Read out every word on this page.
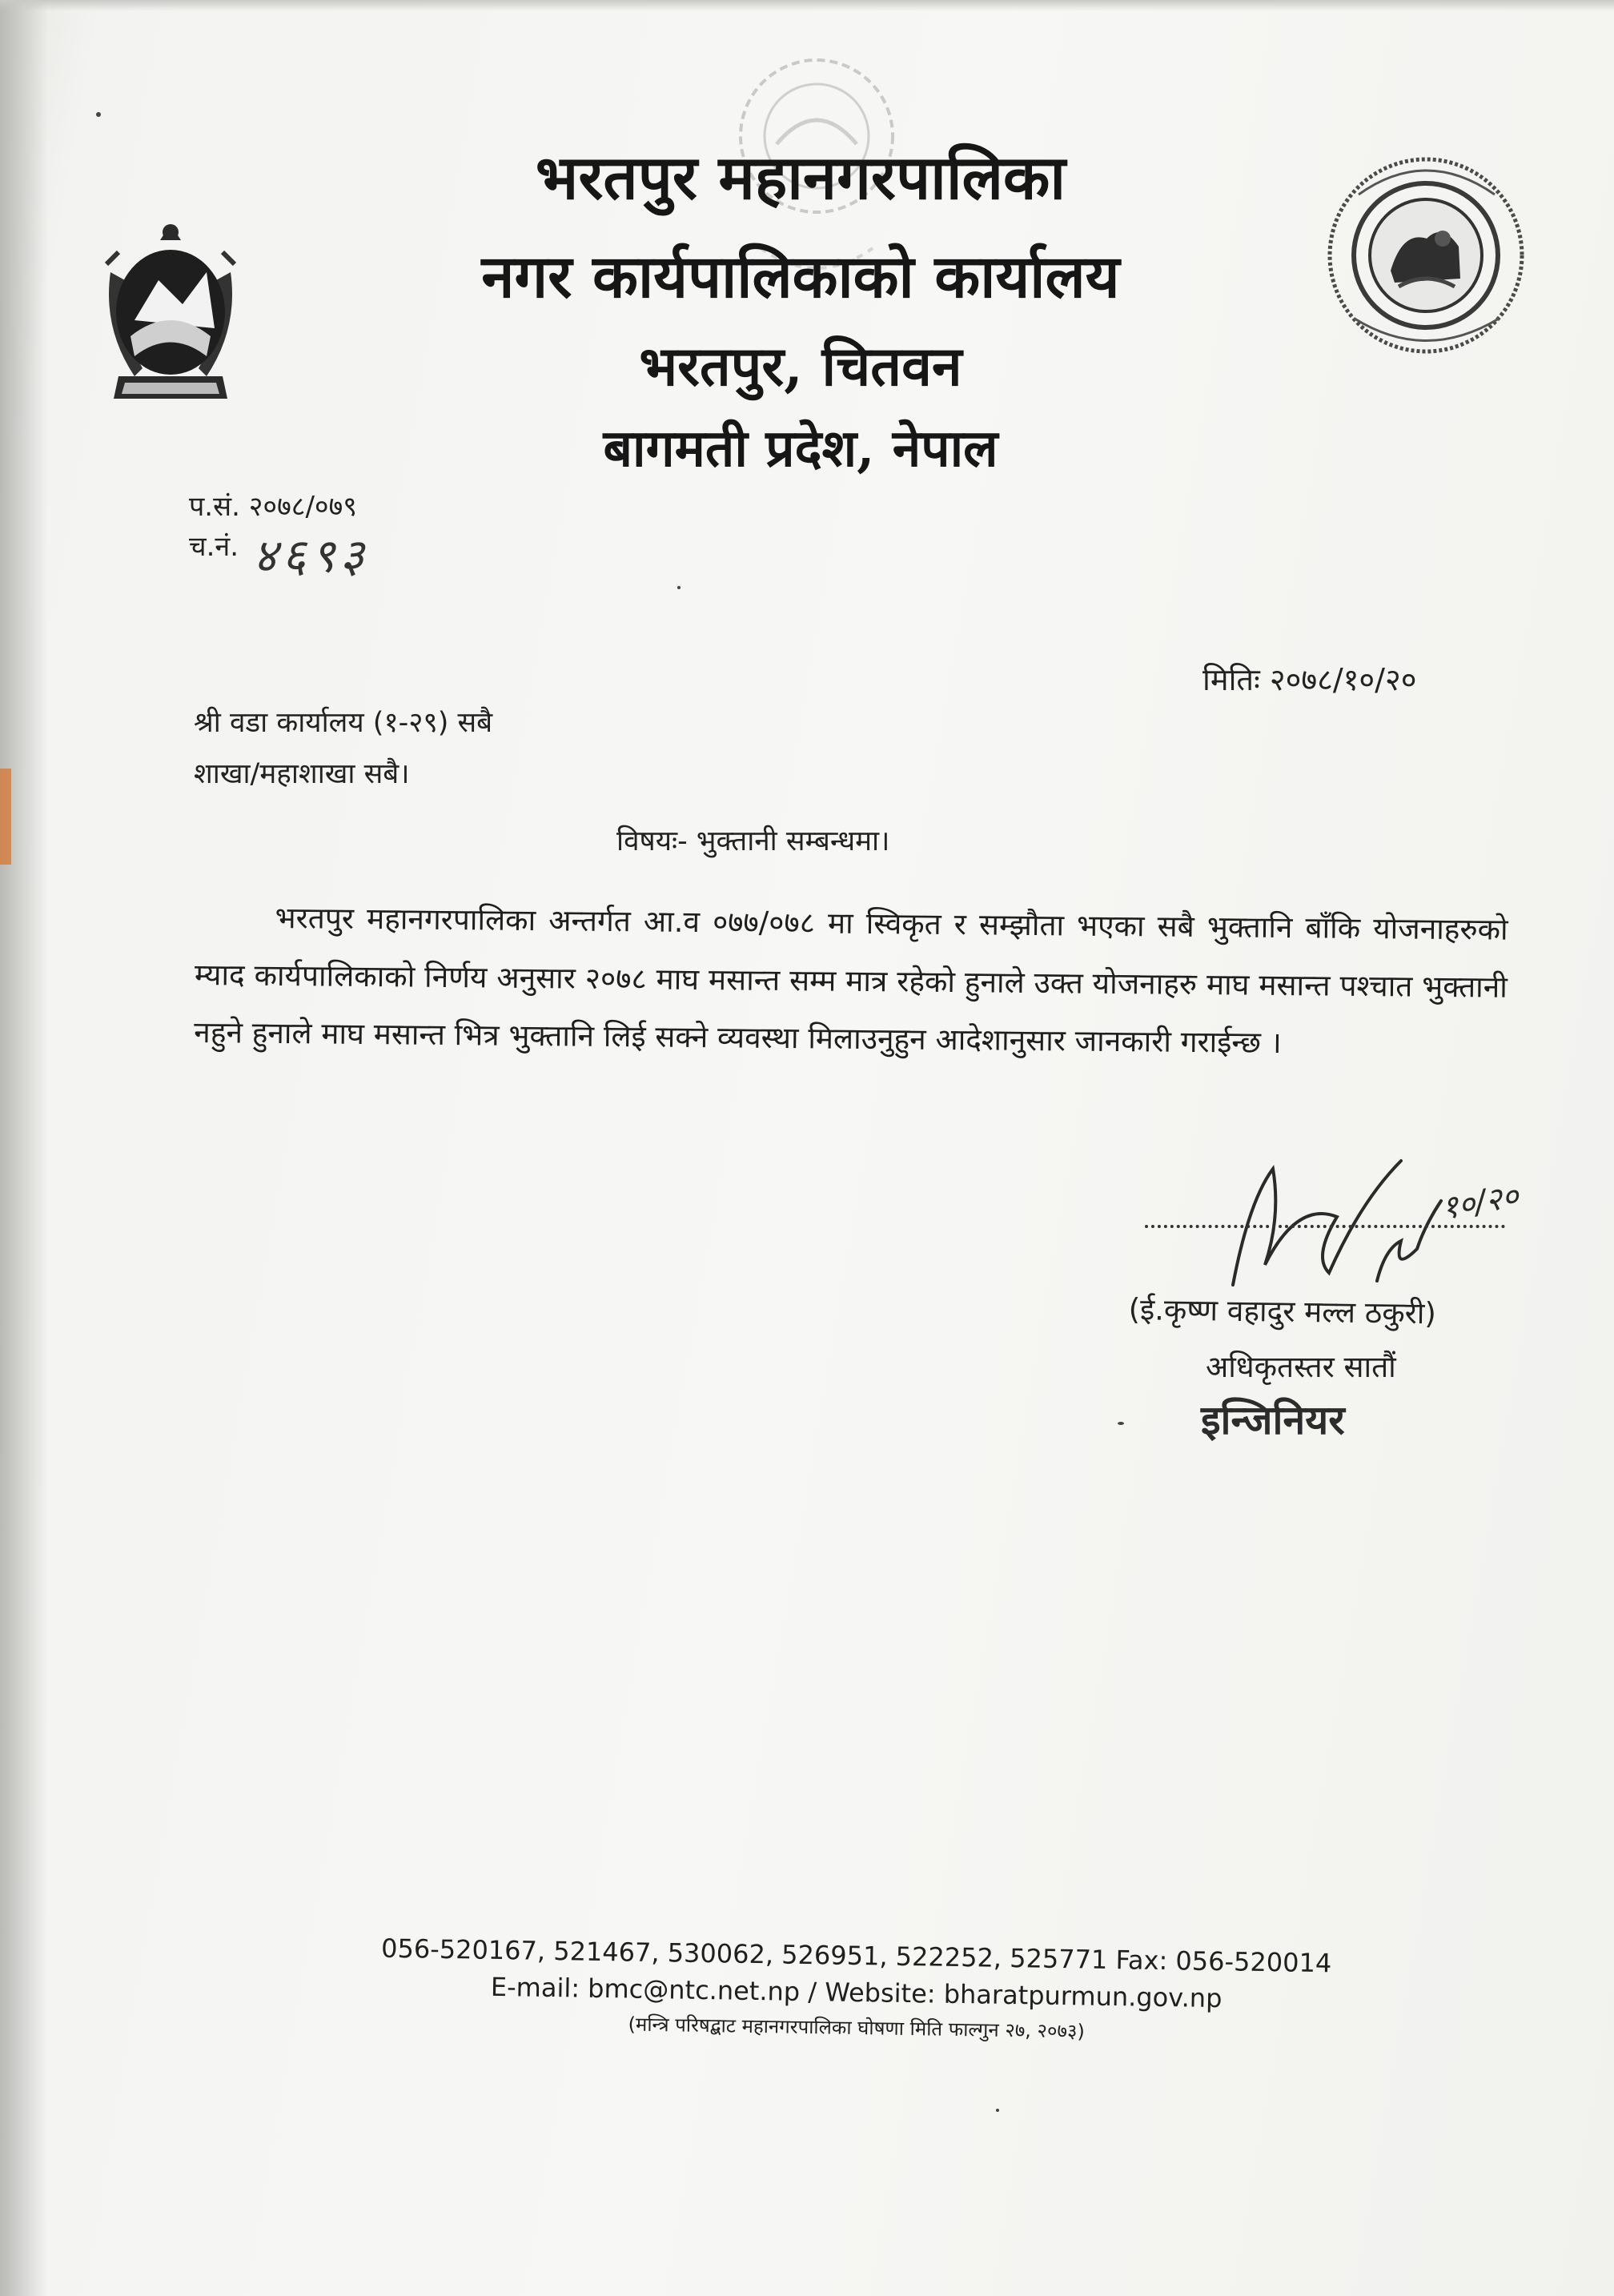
भरतपुर महानगरपालिका
नगर कार्यपालिकाको कार्यालय
भरतपुर, चितवन
बागमती प्रदेश, नेपाल
प.सं. २०७८/०७९
च.नं. ४६९३
मितिः २०७८/१०/२०
श्री वडा कार्यालय (१-२९) सबै
शाखा/महाशाखा सबै।
विषयः- भुक्तानी सम्बन्धमा।
भरतपुर महानगरपालिका अन्तर्गत आ.व ०७७/०७८ मा स्विकृत र सम्झौता भएका सबै भुक्तानि बाँकि योजनाहरुको म्याद कार्यपालिकाको निर्णय अनुसार २०७८ माघ मसान्त सम्म मात्र रहेको हुनाले उक्त योजनाहरु माघ मसान्त पश्चात भुक्तानी नहुने हुनाले माघ मसान्त भित्र भुक्तानि लिई सक्ने व्यवस्था मिलाउनुहुन आदेशानुसार जानकारी गराईन्छ ।
१०/२०
(ई.कृष्ण वहादुर मल्ल ठकुरी)
अधिकृतस्तर सातौं
इन्जिनियर
056-520167, 521467, 530062, 526951, 522252, 525771 Fax: 056-520014
E-mail: bmc@ntc.net.np / Website: bharatpurmun.gov.np
(मन्त्रि परिषद्बाट महानगरपालिका घोषणा मिति फाल्गुन २७, २०७३)
